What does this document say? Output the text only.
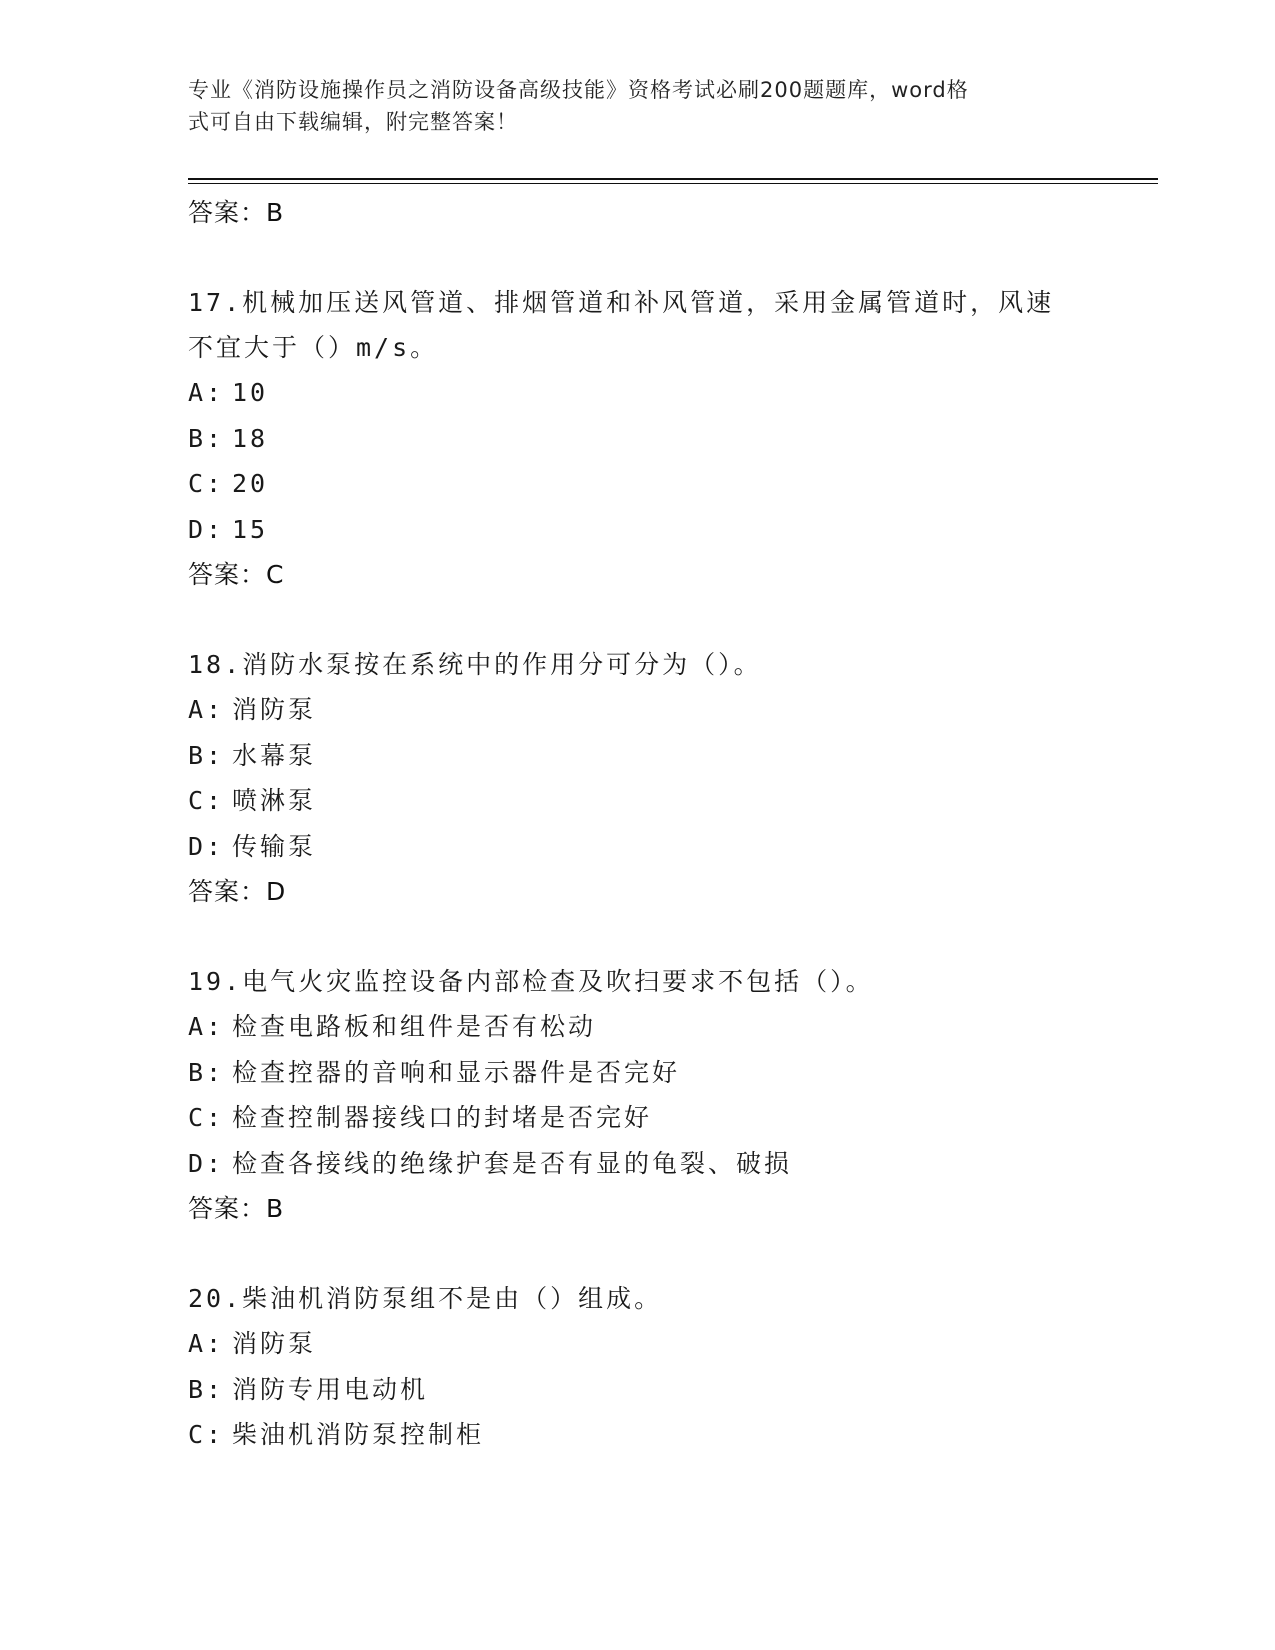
专业《消防设施操作员之消防设备高级技能》资格考试必刷200题题库，word格
式可自由下载编辑，附完整答案！
答案：B
17.机械加压送风管道、排烟管道和补风管道，采用金属管道时，风速
不宜大于（）m/s。
A: 10
B: 18
C: 20
D: 15
答案：C
18.消防水泵按在系统中的作用分可分为（）。
A: 消防泵
B: 水幕泵
C: 喷淋泵
D: 传输泵
答案：D
19.电气火灾监控设备内部检查及吹扫要求不包括（）。
A: 检查电路板和组件是否有松动
B: 检查控器的音响和显示器件是否完好
C: 检查控制器接线口的封堵是否完好
D: 检查各接线的绝缘护套是否有显的龟裂、破损
答案：B
20.柴油机消防泵组不是由（）组成。
A: 消防泵
B: 消防专用电动机
C: 柴油机消防泵控制柜
